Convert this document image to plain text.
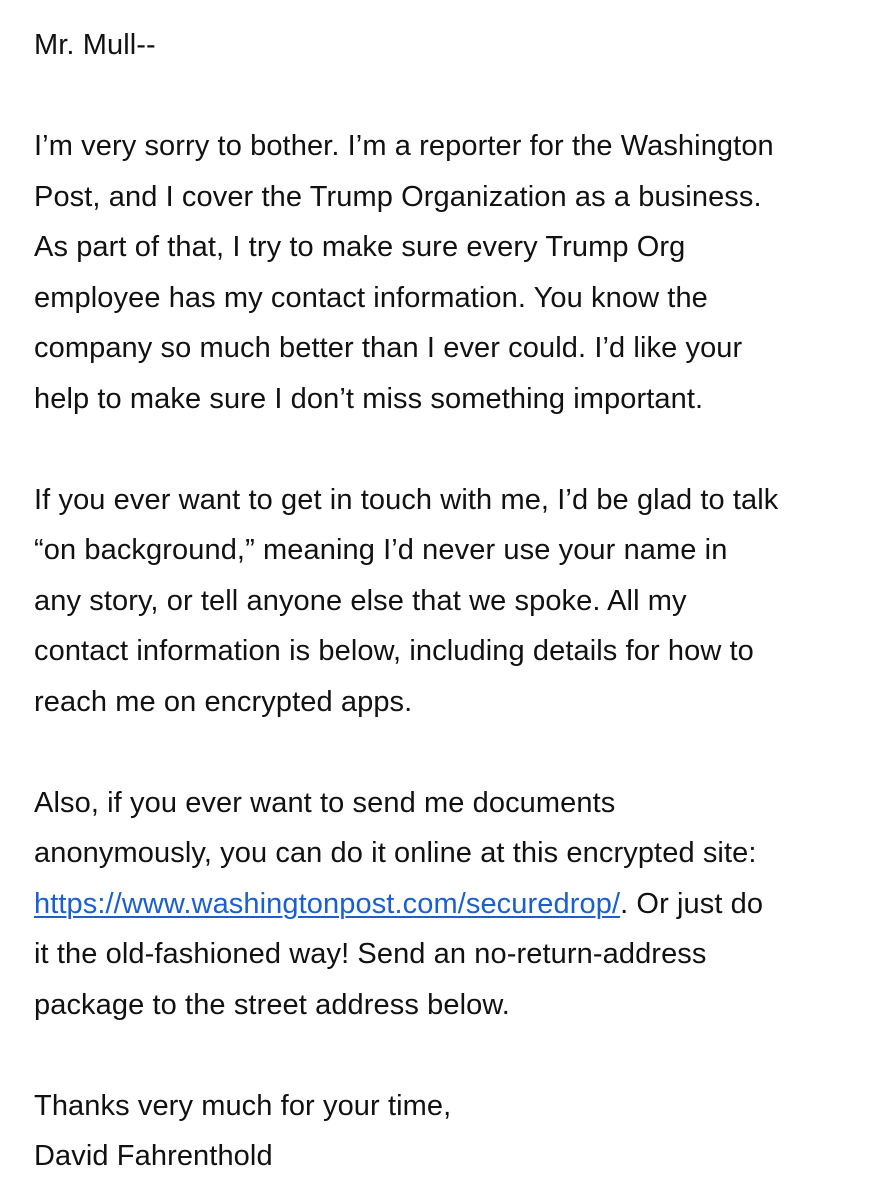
Mr. Mull--
I’m very sorry to bother. I’m a reporter for the Washington
Post, and I cover the Trump Organization as a business.
As part of that, I try to make sure every Trump Org
employee has my contact information. You know the
company so much better than I ever could. I’d like your
help to make sure I don’t miss something important.
If you ever want to get in touch with me, I’d be glad to talk
“on background,” meaning I’d never use your name in
any story, or tell anyone else that we spoke. All my
contact information is below, including details for how to
reach me on encrypted apps.
Also, if you ever want to send me documents
anonymously, you can do it online at this encrypted site:
https://www.washingtonpost.com/securedrop/. Or just do
it the old-fashioned way! Send an no-return-address
package to the street address below.
Thanks very much for your time,
David Fahrenthold
